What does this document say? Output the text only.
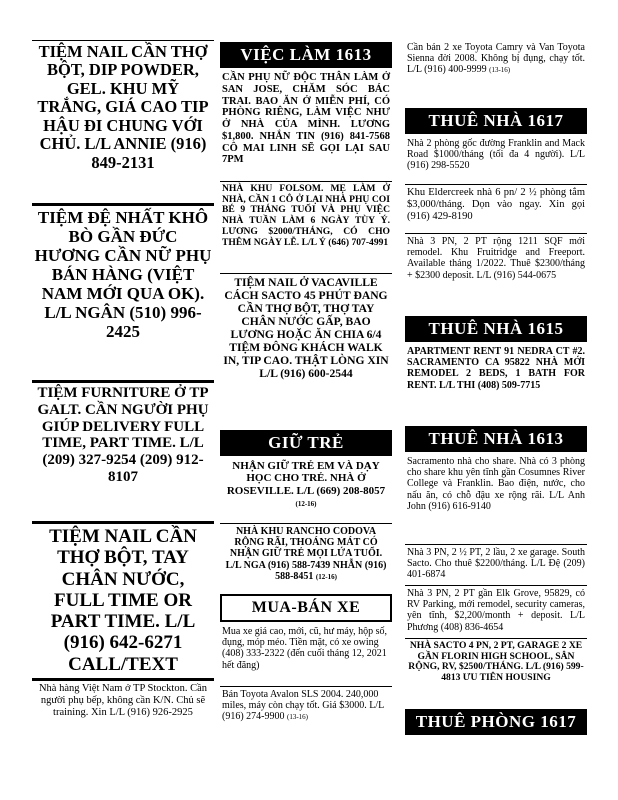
TIỆM NAIL CẦN THỢ BỘT, DIP POWDER, GEL. KHU MỸ TRẮNG, GIÁ CAO TIP HẬU ĐI CHUNG VỚI CHỦ. L/L ANNIE (916) 849-2131
TIỆM ĐỆ NHẤT KHÔ BÒ GẦN ĐỨC HƯƠNG CẦN NỮ PHỤ BÁN HÀNG (VIỆT NAM MỚI QUA OK). L/L NGÂN (510) 996-2425
TIỆM FURNITURE Ở TP GALT. CẦN NGƯỜI PHỤ GIÚP DELIVERY FULL TIME, PART TIME. L/L (209) 327-9254 (209) 912-8107
TIỆM NAIL CẦN THỢ BỘT, TAY CHÂN NƯỚC, FULL TIME OR PART TIME. L/L (916) 642-6271 CALL/TEXT
Nhà hàng Việt Nam ở TP Stockton. Cần người phụ bếp, không cần K/N. Chủ sẽ training. Xin L/L (916) 926-2925
VIỆC LÀM 1613
CẦN PHỤ NỮ ĐỘC THÂN LÀM Ở SAN JOSE, CHĂM SÓC BÁC TRAI. BAO ĂN Ở MIỄN PHÍ, CÓ PHÒNG RIÊNG, LÀM VIỆC NHƯ Ở NHÀ CỦA MÌNH. LƯƠNG $1,800. NHẮN TIN (916) 841-7568 CÔ MAI LINH SẼ GỌI LẠI SAU 7PM
NHÀ KHU FOLSOM. MẸ LÀM Ở NHÀ, CẦN 1 CÔ Ở LẠI NHÀ PHỤ COI BÉ 9 THÁNG TUỔI VÀ PHỤ VIỆC NHÀ TUẦN LÀM 6 NGÀY TÙY Ý. LƯƠNG $2000/THÁNG, CÓ CHO THÊM NGÀY LỄ. L/L Ý (646) 707-4991
TIỆM NAIL Ở VACAVILLE CÁCH SACTO 45 PHÚT ĐANG CẦN THỢ BỘT, THỢ TAY CHÂN NƯỚC GẤP, BAO LƯƠNG HOẶC ĂN CHIA 6/4 TIỆM ĐÔNG KHÁCH WALK IN, TIP CAO. THẬT LÒNG XIN L/L (916) 600-2544
GIỮ TRẺ
NHẬN GIỮ TRẺ EM VÀ DẠY HỌC CHO TRẺ. NHÀ Ở ROSEVILLE. L/L (669) 208-8057 (12-16)
NHÀ KHU RANCHO CODOVA RỘNG RÃI, THOÁNG MÁT CÓ NHẬN GIỮ TRẺ MỌI LỨA TUỔI. L/L NGA (916) 588-7439 NHẪN (916) 588-8451 (12-16)
MUA-BÁN XE
Mua xe giá cao, mới, cũ, hư máy, hộp số, đụng, móp méo. Tiền mặt, có xe owing (408) 333-2322 (đến cuối tháng 12, 2021 hết đăng)
Bán Toyota Avalon SLS 2004. 240,000 miles, máy còn chạy tốt. Giá $3000. L/L (916) 274-9900 (13-16)
Cần bán 2 xe Toyota Camry và Van Toyota Sienna đời 2008. Không bị đụng, chạy tốt. L/L (916) 400-9999 (13-16)
THUÊ NHÀ 1617
Nhà 2 phòng gốc đường Franklin and Mack Road $1000/tháng (tối đa 4 người). L/L (916) 298-5520
Khu Eldercreek nhà 6 pn/ 2 ½ phòng tắm $3,000/tháng. Dọn vào ngay. Xin gọi (916) 429-8190
Nhà 3 PN, 2 PT rộng 1211 SQF mới remodel. Khu Fruitridge and Freeport. Available tháng 1/2022. Thuê $2300/tháng + $2300 deposit. L/L (916) 544-0675
THUÊ NHÀ 1615
APARTMENT RENT 91 NEDRA CT #2. SACRAMENTO CA 95822 NHÀ MỚI REMODEL 2 BEDS, 1 BATH FOR RENT. L/L THI (408) 509-7715
THUÊ NHÀ 1613
Sacramento nhà cho share. Nhà có 3 phòng cho share khu yên tĩnh gần Cosumnes River College và Franklin. Bao điện, nước, cho nấu ăn, có chỗ đậu xe rộng rãi. L/L Anh John (916) 616-9140
Nhà 3 PN, 2 ½ PT, 2 lầu, 2 xe garage. South Sacto. Cho thuê $2200/tháng. L/L Đệ (209) 401-6874
Nhà 3 PN, 2 PT gần Elk Grove, 95829, có RV Parking, mới remodel, security cameras, yên tĩnh, $2,200/month + deposit. L/L Phương (408) 836-4654
NHÀ SACTO 4 PN, 2 PT, GARAGE 2 XE GẦN FLORIN HIGH SCHOOL, SÂN RỘNG, RV, $2500/THÁNG. L/L (916) 599-4813 ƯU TIÊN HOUSING
THUÊ PHÒNG 1617
